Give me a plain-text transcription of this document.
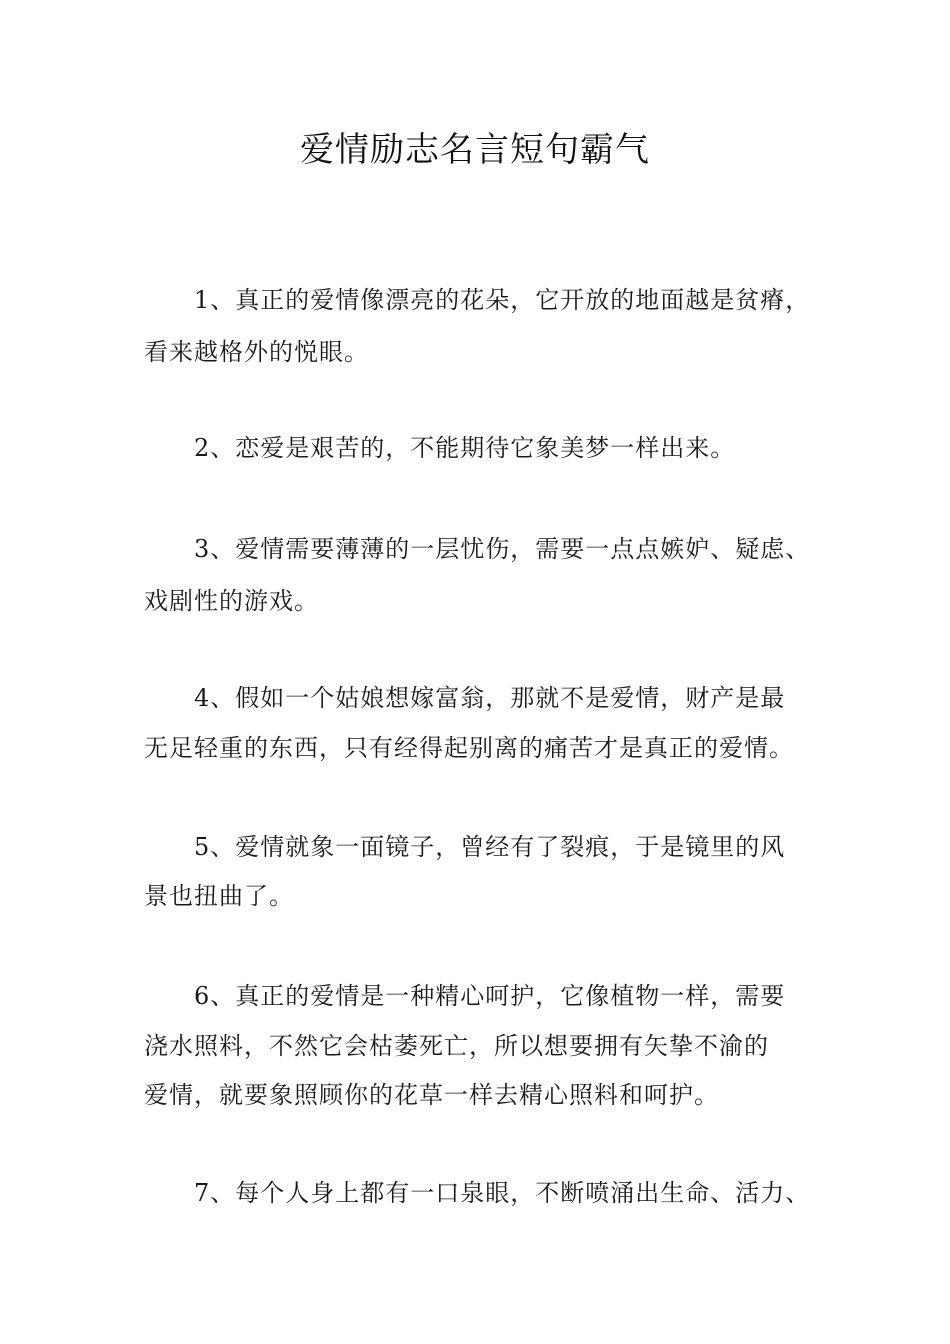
爱情励志名言短句霸气
1、真正的爱情像漂亮的花朵，它开放的地面越是贫瘠，
看来越格外的悦眼。
2、恋爱是艰苦的，不能期待它象美梦一样出来。
3、爱情需要薄薄的一层忧伤，需要一点点嫉妒、疑虑、
戏剧性的游戏。
4、假如一个姑娘想嫁富翁，那就不是爱情，财产是最
无足轻重的东西，只有经得起别离的痛苦才是真正的爱情。
5、爱情就象一面镜子，曾经有了裂痕，于是镜里的风
景也扭曲了。
6、真正的爱情是一种精心呵护，它像植物一样，需要
浇水照料，不然它会枯萎死亡，所以想要拥有矢挚不渝的
爱情，就要象照顾你的花草一样去精心照料和呵护。
7、每个人身上都有一口泉眼，不断喷涌出生命、活力、
